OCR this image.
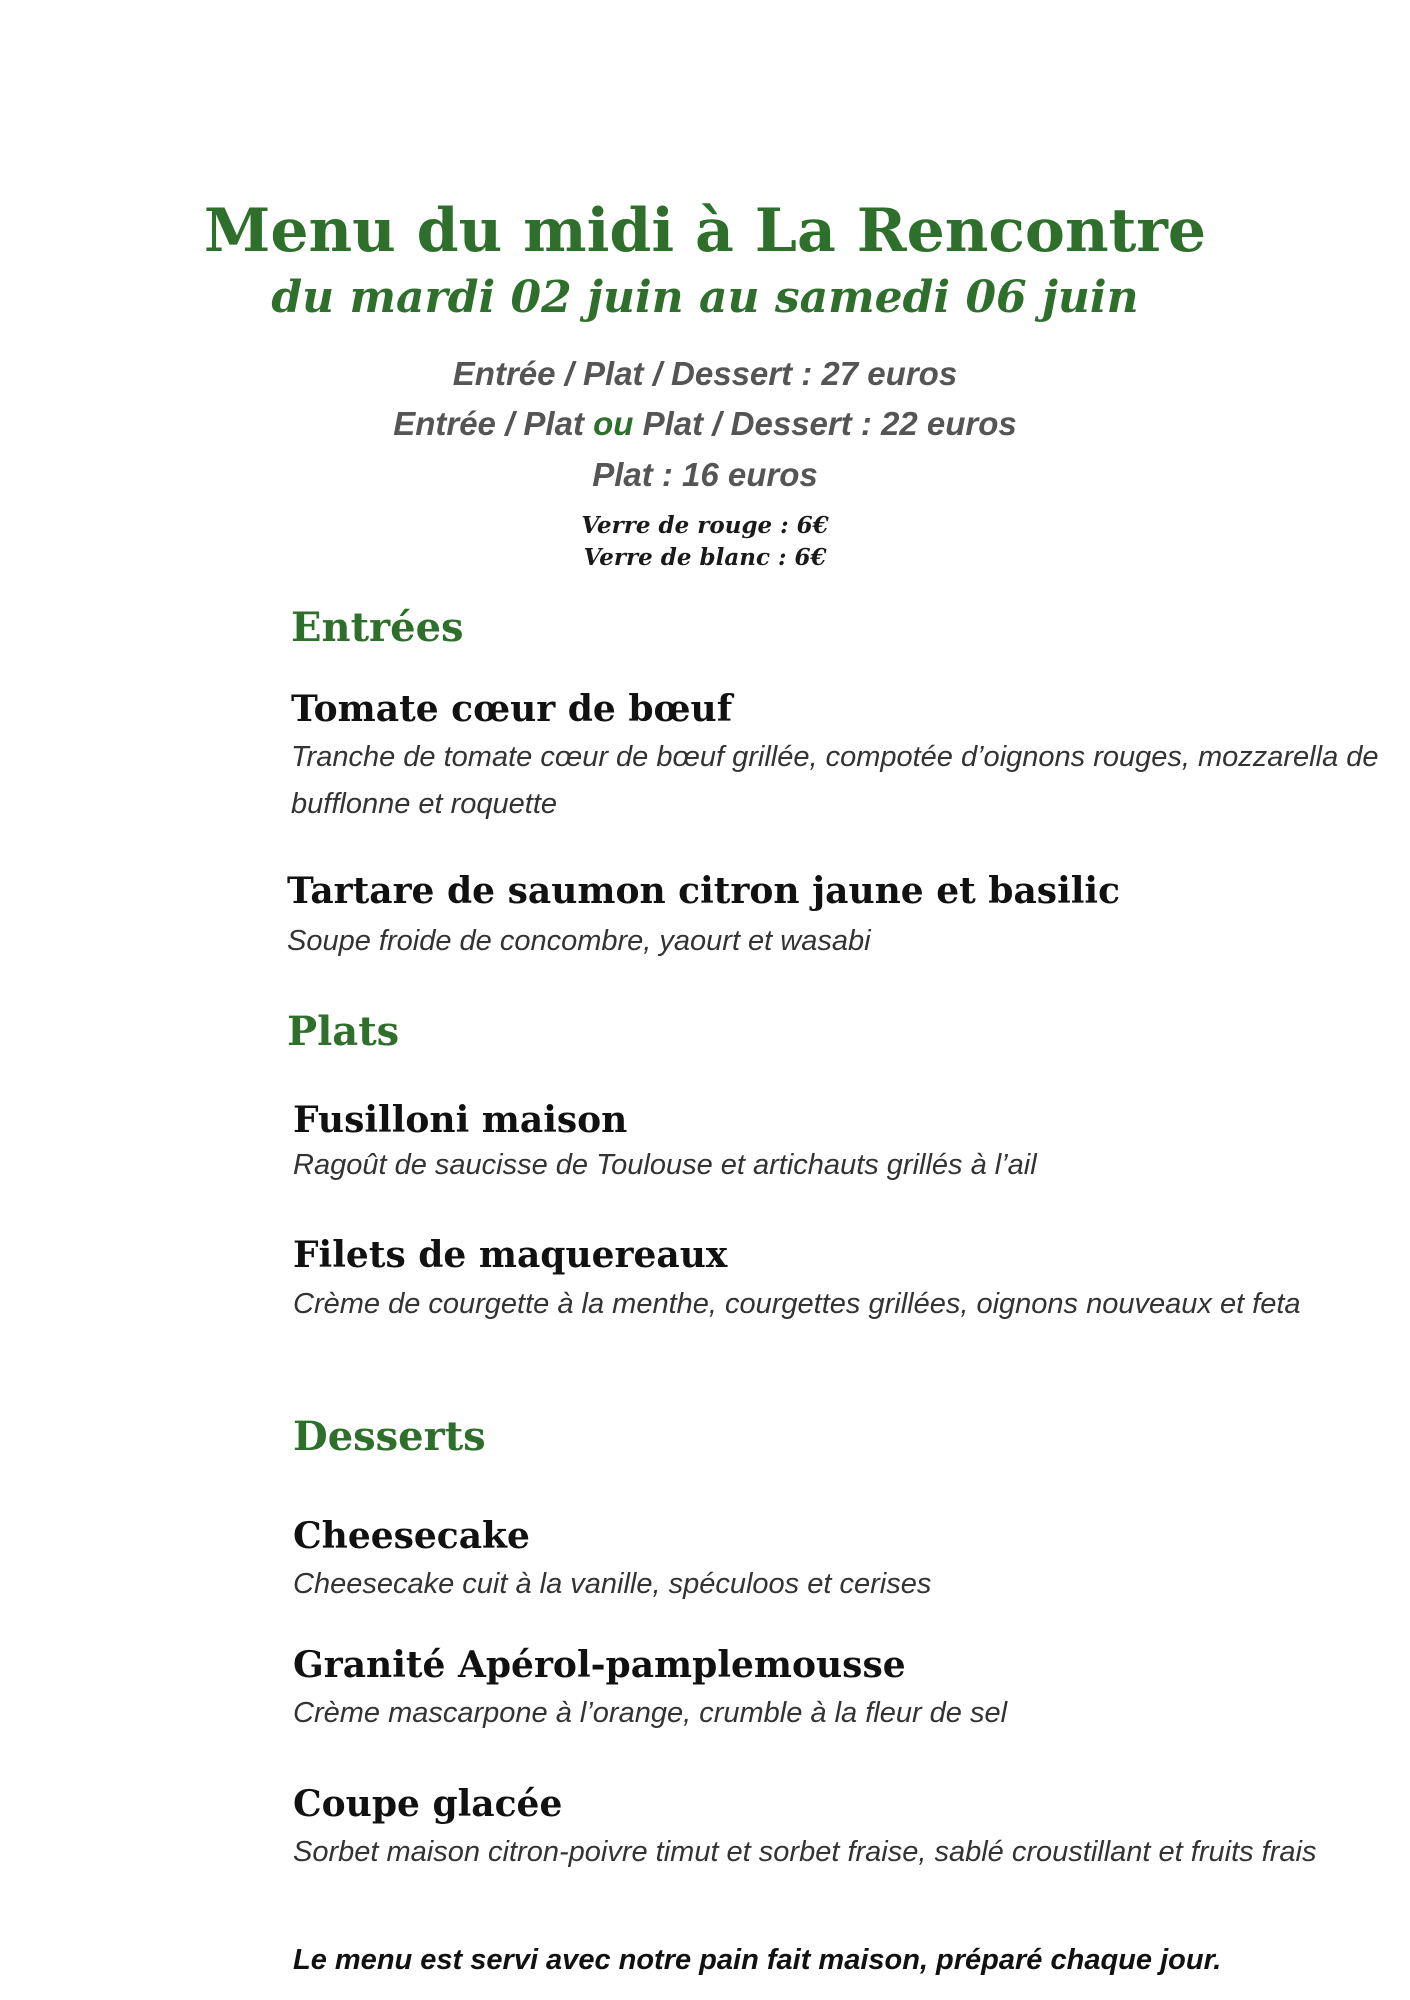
Menu du midi à La Rencontre
du mardi 02 juin au samedi 06 juin
Entrée / Plat / Dessert : 27 euros
Entrée / Plat ou Plat / Dessert : 22 euros
Plat : 16 euros
Verre de rouge : 6€
Verre de blanc : 6€
Entrées
Tomate cœur de bœuf
Tranche de tomate cœur de bœuf grillée, compotée d’oignons rouges, mozzarella de bufflonne et roquette
Tartare de saumon citron jaune et basilic
Soupe froide de concombre, yaourt et wasabi
Plats
Fusilloni maison
Ragoût de saucisse de Toulouse et artichauts grillés à l’ail
Filets de maquereaux
Crème de courgette à la menthe, courgettes grillées, oignons nouveaux et feta
Desserts
Cheesecake
Cheesecake cuit à la vanille, spéculoos et cerises
Granité Apérol-pamplemousse
Crème mascarpone à l’orange, crumble à la fleur de sel
Coupe glacée
Sorbet maison citron-poivre timut et sorbet fraise, sablé croustillant et fruits frais
Le menu est servi avec notre pain fait maison, préparé chaque jour.
